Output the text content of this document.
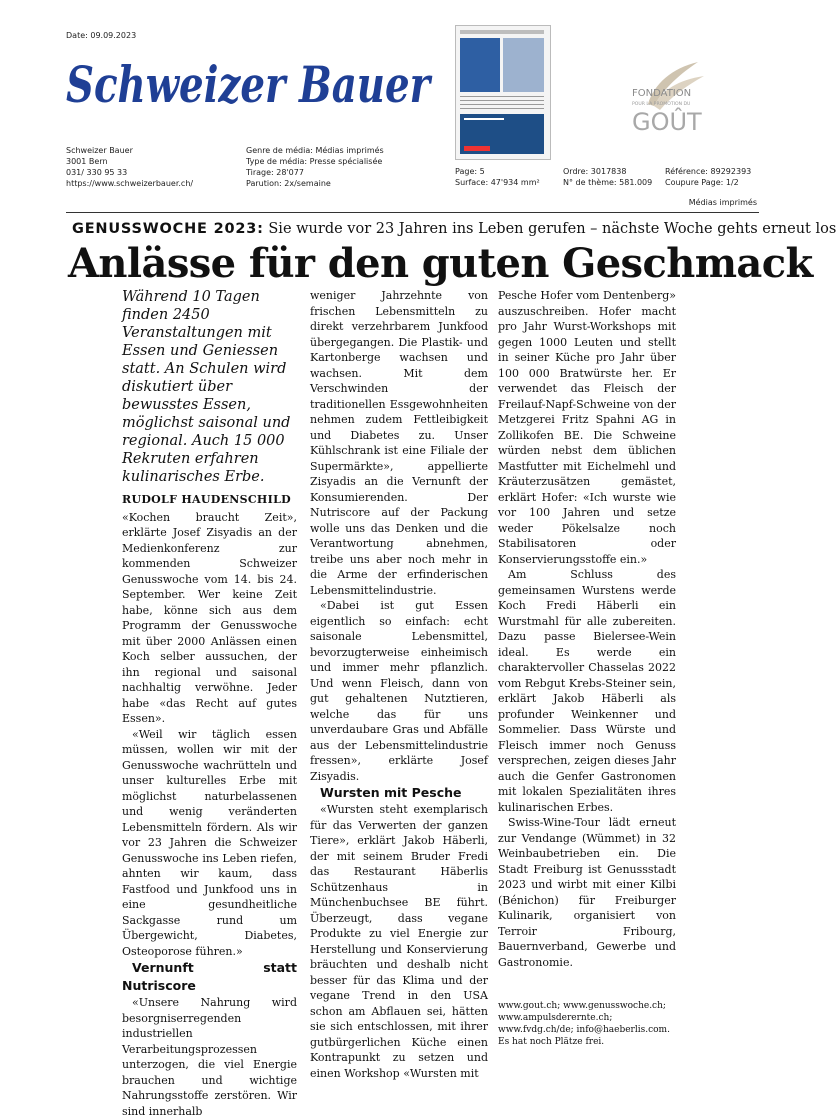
Date: 09.09.2023
Schweizer Bauer	FONDATION
POUR LA PROMOTION DU
GOÛT
Schweizer Bauer
3001 Bern
031/ 330 95 33
https://www.schweizerbauer.ch/
Genre de média: Médias imprimés
Type de média: Presse spécialisée
Tirage: 28'077
Parution: 2x/semaine
Page: 5
Surface: 47'934 mm²
Ordre: 3017838
N° de thème: 581.009
Référence: 89292393
Coupure Page: 1/2
Médias imprimés
GENUSSWOCHE 2023: Sie wurde vor 23 Jahren ins Leben gerufen – nächste Woche gehts erneut los
Anlässe für den guten Geschmack

Während 10 Tagen finden 2450 Veranstaltungen mit Essen und Geniessen statt. An Schulen wird diskutiert über bewusstes Essen, möglichst saisonal und regional. Auch 15 000 Rekruten erfahren kulinarisches Erbe.

RUDOLF HAUDENSCHILD

«Kochen braucht Zeit», erklärte Josef Zisyadis an der Medienkonferenz zur kommenden Schweizer Genusswoche vom 14. bis 24. September. Wer keine Zeit habe, könne sich aus dem Programm der Genusswoche mit über 2000 Anlässen einen Koch selber aussuchen, der ihn regional und saisonal nachhaltig verwöhne. Jeder habe «das Recht auf gutes Essen».

«Weil wir täglich essen müssen, wollen wir mit der Genusswoche wachrütteln und unser kulturelles Erbe mit möglichst naturbelassenen und wenig veränderten Lebensmitteln fördern. Als wir vor 23 Jahren die Schweizer Genusswoche ins Leben riefen, ahnten wir kaum, dass Fastfood und Junkfood uns in eine gesundheitliche Sackgasse rund um Übergewicht, Diabetes, Osteoporose führen.»

Vernunft statt Nutriscore

«Unsere Nahrung wird besorgniserregenden industriellen Verarbeitungsprozessen unterzogen, die viel Energie brauchen und wichtige Nahrungsstoffe zerstören. Wir sind innerhalb

weniger Jahrzehnte von frischen Lebensmitteln zu direkt verzehrbarem Junkfood übergegangen. Die Plastik- und Kartonberge wachsen und wachsen. Mit dem Verschwinden der traditionellen Essgewohnheiten nehmen zudem Fettleibigkeit und Diabetes zu. Unser Kühlschrank ist eine Filiale der Supermärkte», appellierte Zisyadis an die Vernunft der Konsumierenden. Der Nutriscore auf der Packung wolle uns das Denken und die Verantwortung abnehmen, treibe uns aber noch mehr in die Arme der erfinderischen Lebensmittelindustrie.

«Dabei ist gut Essen eigentlich so einfach: echt saisonale Lebensmittel, bevorzugterweise einheimisch und immer mehr pflanzlich. Und wenn Fleisch, dann von gut gehaltenen Nutztieren, welche das für uns unverdaubare Gras und Abfälle aus der Lebensmittelindustrie fressen», erklärte Josef Zisyadis.

Wursten mit Pesche

«Wursten steht exemplarisch für das Verwerten der ganzen Tiere», erklärt Jakob Häberli, der mit seinem Bruder Fredi das Restaurant Häberlis Schützenhaus in Münchenbuchsee BE führt. Überzeugt, dass vegane Produkte zu viel Energie zur Herstellung und Konservierung bräuchten und deshalb nicht besser für das Klima und der vegane Trend in den USA schon am Abflauen sei, hätten sie sich entschlossen, mit ihrer gutbürgerlichen Küche einen Kontrapunkt zu setzen und einen Workshop «Wursten mit

Pesche Hofer vom Dentenberg» auszuschreiben. Hofer macht pro Jahr Wurst-Workshops mit gegen 1000 Leuten und stellt in seiner Küche pro Jahr über 100 000 Bratwürste her. Er verwendet das Fleisch der Freilauf-Napf-Schweine von der Metzgerei Fritz Spahni AG in Zollikofen BE. Die Schweine würden nebst dem üblichen Mastfutter mit Eichelmehl und Kräuterzusätzen gemästet, erklärt Hofer: «Ich wurste wie vor 100 Jahren und setze weder Pökelsalze noch Stabilisatoren oder Konservierungsstoffe ein.»

Am Schluss des gemeinsamen Wurstens werde Koch Fredi Häberli ein Wurstmahl für alle zubereiten. Dazu passe Bielersee-Wein ideal. Es werde ein charaktervoller Chasselas 2022 vom Rebgut Krebs-Steiner sein, erklärt Jakob Häberli als profunder Weinkenner und Sommelier. Dass Würste und Fleisch immer noch Genuss versprechen, zeigen dieses Jahr auch die Genfer Gastronomen mit lokalen Spezialitäten ihres kulinarischen Erbes.

Swiss-Wine-Tour lädt erneut zur Vendange (Wümmet) in 32 Weinbaubetrieben ein. Die Stadt Freiburg ist Genussstadt 2023 und wirbt mit einer Kilbi (Bénichon) für Freiburger Kulinarik, organisiert von Terroir Fribourg, Bauernverband, Gewerbe und Gastronomie.

www.gout.ch; www.genusswoche.ch; www.ampulsderernte.ch; www.fvdg.ch/de; info@haeberlis.com. Es hat noch Plätze frei.
